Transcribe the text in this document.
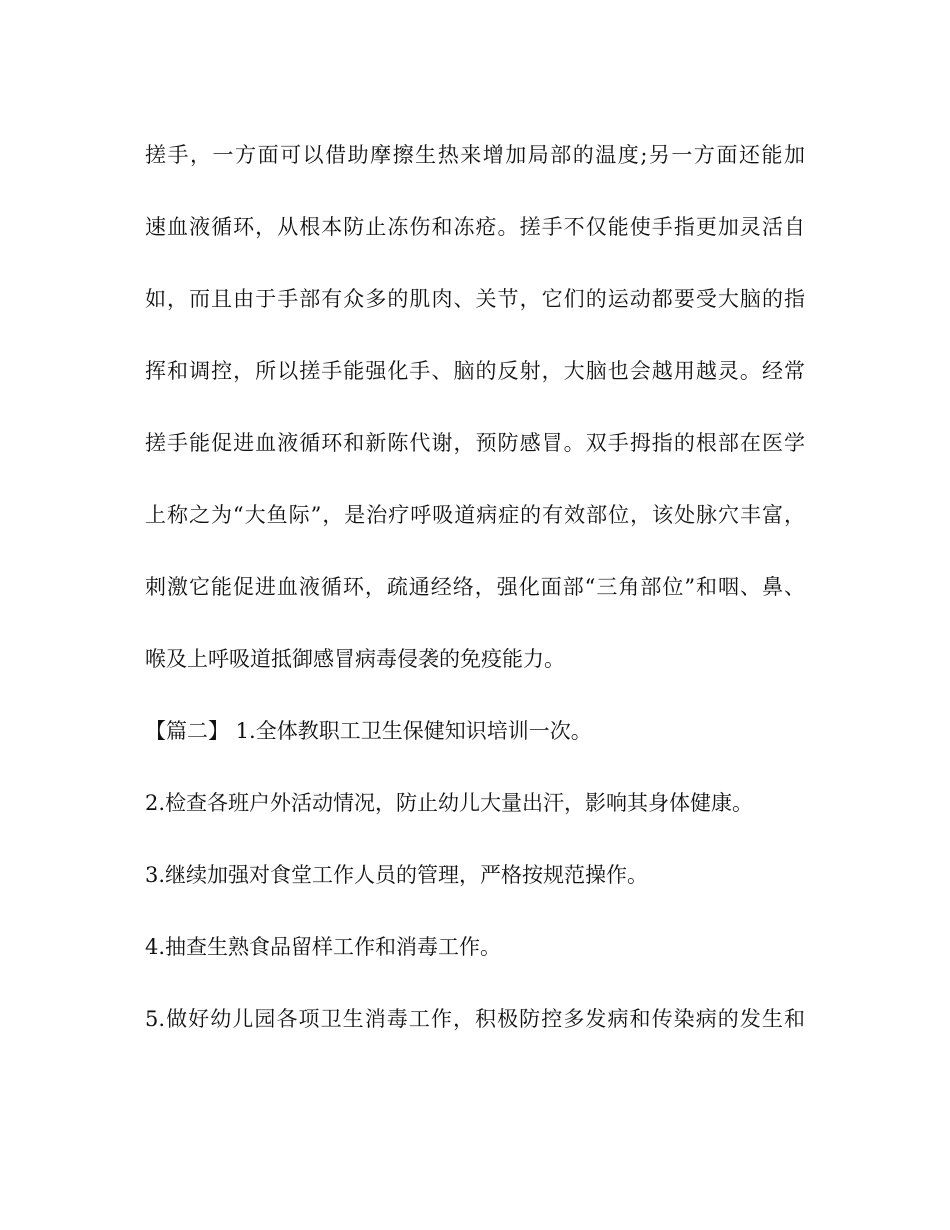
搓手，一方面可以借助摩擦生热来增加局部的温度;另一方面还能加
速血液循环，从根本防止冻伤和冻疮。搓手不仅能使手指更加灵活自
如，而且由于手部有众多的肌肉、关节，它们的运动都要受大脑的指
挥和调控，所以搓手能强化手、脑的反射，大脑也会越用越灵。经常
搓手能促进血液循环和新陈代谢，预防感冒。双手拇指的根部在医学
上称之为“大鱼际”，是治疗呼吸道病症的有效部位，该处脉穴丰富，
刺激它能促进血液循环，疏通经络，强化面部“三角部位”和咽、鼻、
喉及上呼吸道抵御感冒病毒侵袭的免疫能力。
【篇二】 1.全体教职工卫生保健知识培训一次。
2.检查各班户外活动情况，防止幼儿大量出汗，影响其身体健康。
3.继续加强对食堂工作人员的管理，严格按规范操作。
4.抽查生熟食品留样工作和消毒工作。
5.做好幼儿园各项卫生消毒工作，积极防控多发病和传染病的发生和
